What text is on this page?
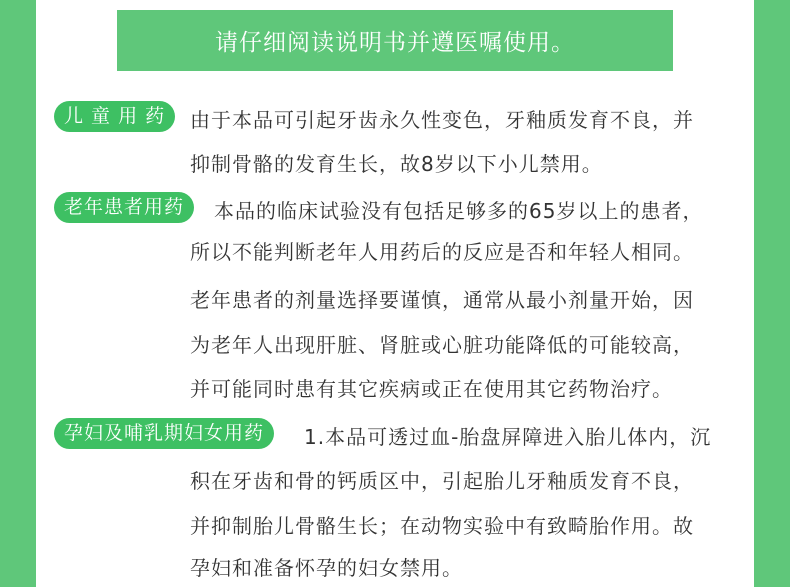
请仔细阅读说明书并遵医嘱使用。
儿 童 用 药	由于本品可引起牙齿永久性变色，牙釉质发育不良，并
抑制骨骼的发育生长，故8岁以下小儿禁用。
老年患者用药	本品的临床试验没有包括足够多的65岁以上的患者，
所以不能判断老年人用药后的反应是否和年轻人相同。
老年患者的剂量选择要谨慎，通常从最小剂量开始，因
为老年人出现肝脏、肾脏或心脏功能降低的可能较高，
并可能同时患有其它疾病或正在使用其它药物治疗。
孕妇及哺乳期妇女用药	1.本品可透过血-胎盘屏障进入胎儿体内，沉
积在牙齿和骨的钙质区中，引起胎儿牙釉质发育不良，
并抑制胎儿骨骼生长；在动物实验中有致畸胎作用。故
孕妇和准备怀孕的妇女禁用。
